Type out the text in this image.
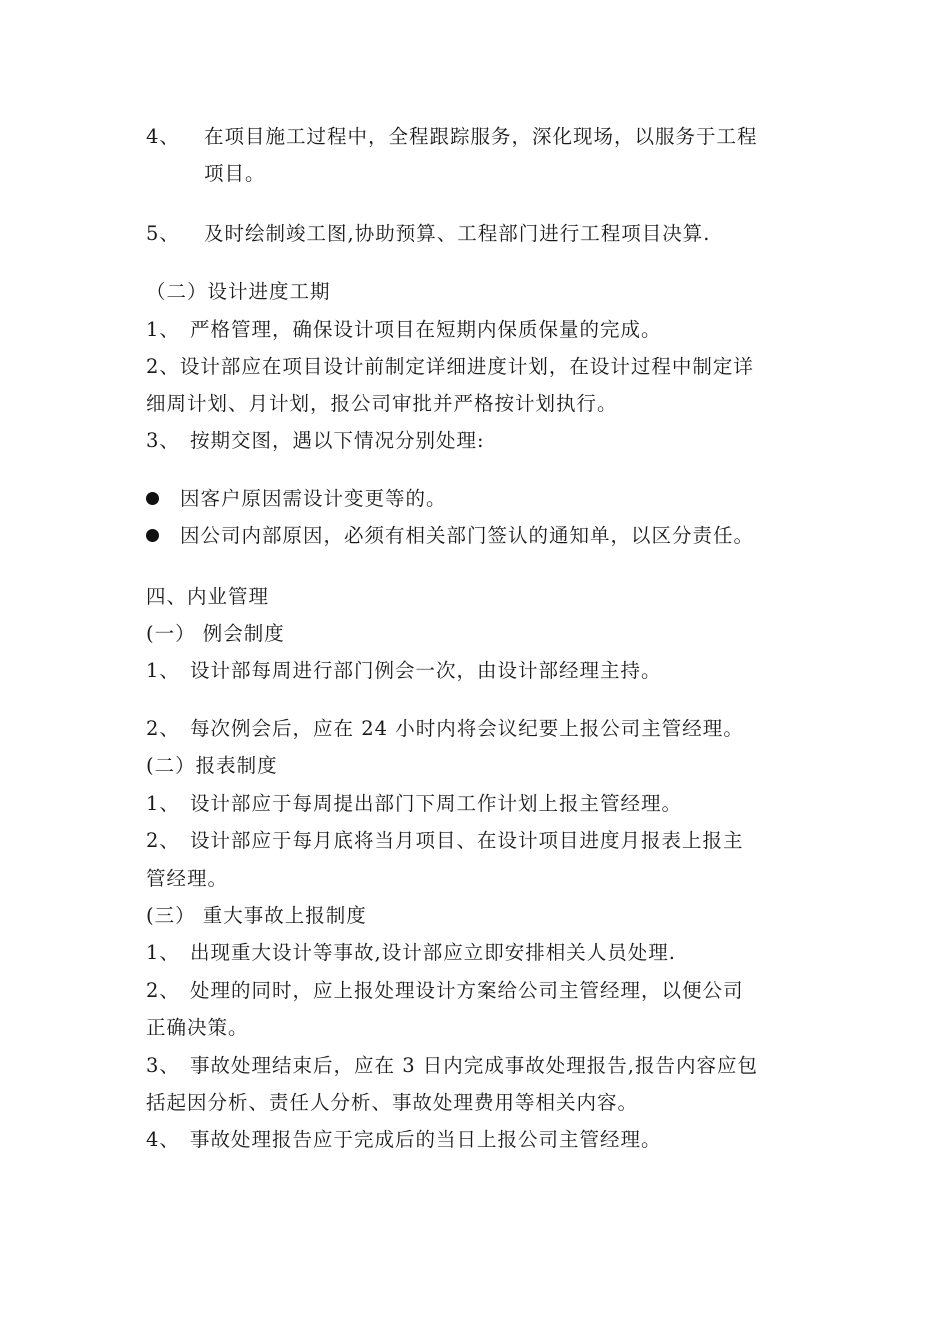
4、 在项目施工过程中，全程跟踪服务，深化现场，以服务于工程
项目。
5、 及时绘制竣工图,协助预算、工程部门进行工程项目决算.
（二）设计进度工期
1、 严格管理，确保设计项目在短期内保质保量的完成。
2、设计部应在项目设计前制定详细进度计划，在设计过程中制定详
细周计划、月计划，报公司审批并严格按计划执行。
3、 按期交图，遇以下情况分别处理:
因客户原因需设计变更等的。
因公司内部原因，必须有相关部门签认的通知单，以区分责任。
四、内业管理
(一） 例会制度
1、 设计部每周进行部门例会一次，由设计部经理主持。
2、 每次例会后，应在 24 小时内将会议纪要上报公司主管经理。
(二）报表制度
1、 设计部应于每周提出部门下周工作计划上报主管经理。
2、 设计部应于每月底将当月项目、在设计项目进度月报表上报主
管经理。
(三） 重大事故上报制度
1、 出现重大设计等事故,设计部应立即安排相关人员处理.
2、 处理的同时，应上报处理设计方案给公司主管经理，以便公司
正确决策。
3、 事故处理结束后，应在 3 日内完成事故处理报告,报告内容应包
括起因分析、责任人分析、事故处理费用等相关内容。
4、 事故处理报告应于完成后的当日上报公司主管经理。
